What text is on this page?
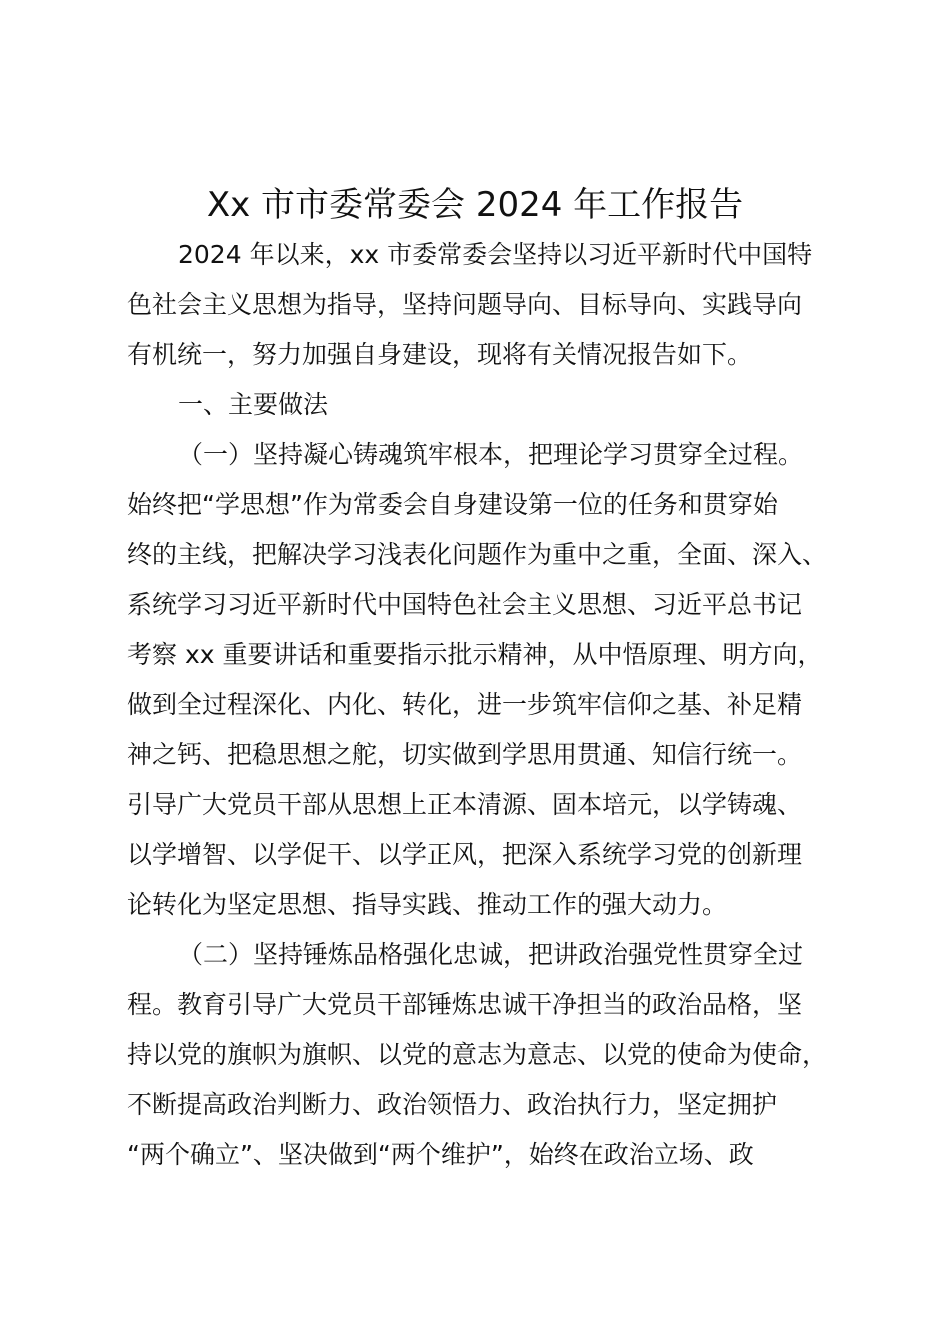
Xx 市市委常委会 2024 年工作报告
2024 年以来，xx 市委常委会坚持以习近平新时代中国特
色社会主义思想为指导，坚持问题导向、目标导向、实践导向
有机统一，努力加强自身建设，现将有关情况报告如下。
一、主要做法
（一）坚持凝心铸魂筑牢根本，把理论学习贯穿全过程。
始终把“学思想”作为常委会自身建设第一位的任务和贯穿始
终的主线，把解决学习浅表化问题作为重中之重，全面、深入、
系统学习习近平新时代中国特色社会主义思想、习近平总书记
考察 xx 重要讲话和重要指示批示精神，从中悟原理、明方向，
做到全过程深化、内化、转化，进一步筑牢信仰之基、补足精
神之钙、把稳思想之舵，切实做到学思用贯通、知信行统一。
引导广大党员干部从思想上正本清源、固本培元，以学铸魂、
以学增智、以学促干、以学正风，把深入系统学习党的创新理
论转化为坚定思想、指导实践、推动工作的强大动力。
（二）坚持锤炼品格强化忠诚，把讲政治强党性贯穿全过
程。教育引导广大党员干部锤炼忠诚干净担当的政治品格，坚
持以党的旗帜为旗帜、以党的意志为意志、以党的使命为使命，
不断提高政治判断力、政治领悟力、政治执行力，坚定拥护
“两个确立”、坚决做到“两个维护”，始终在政治立场、政
